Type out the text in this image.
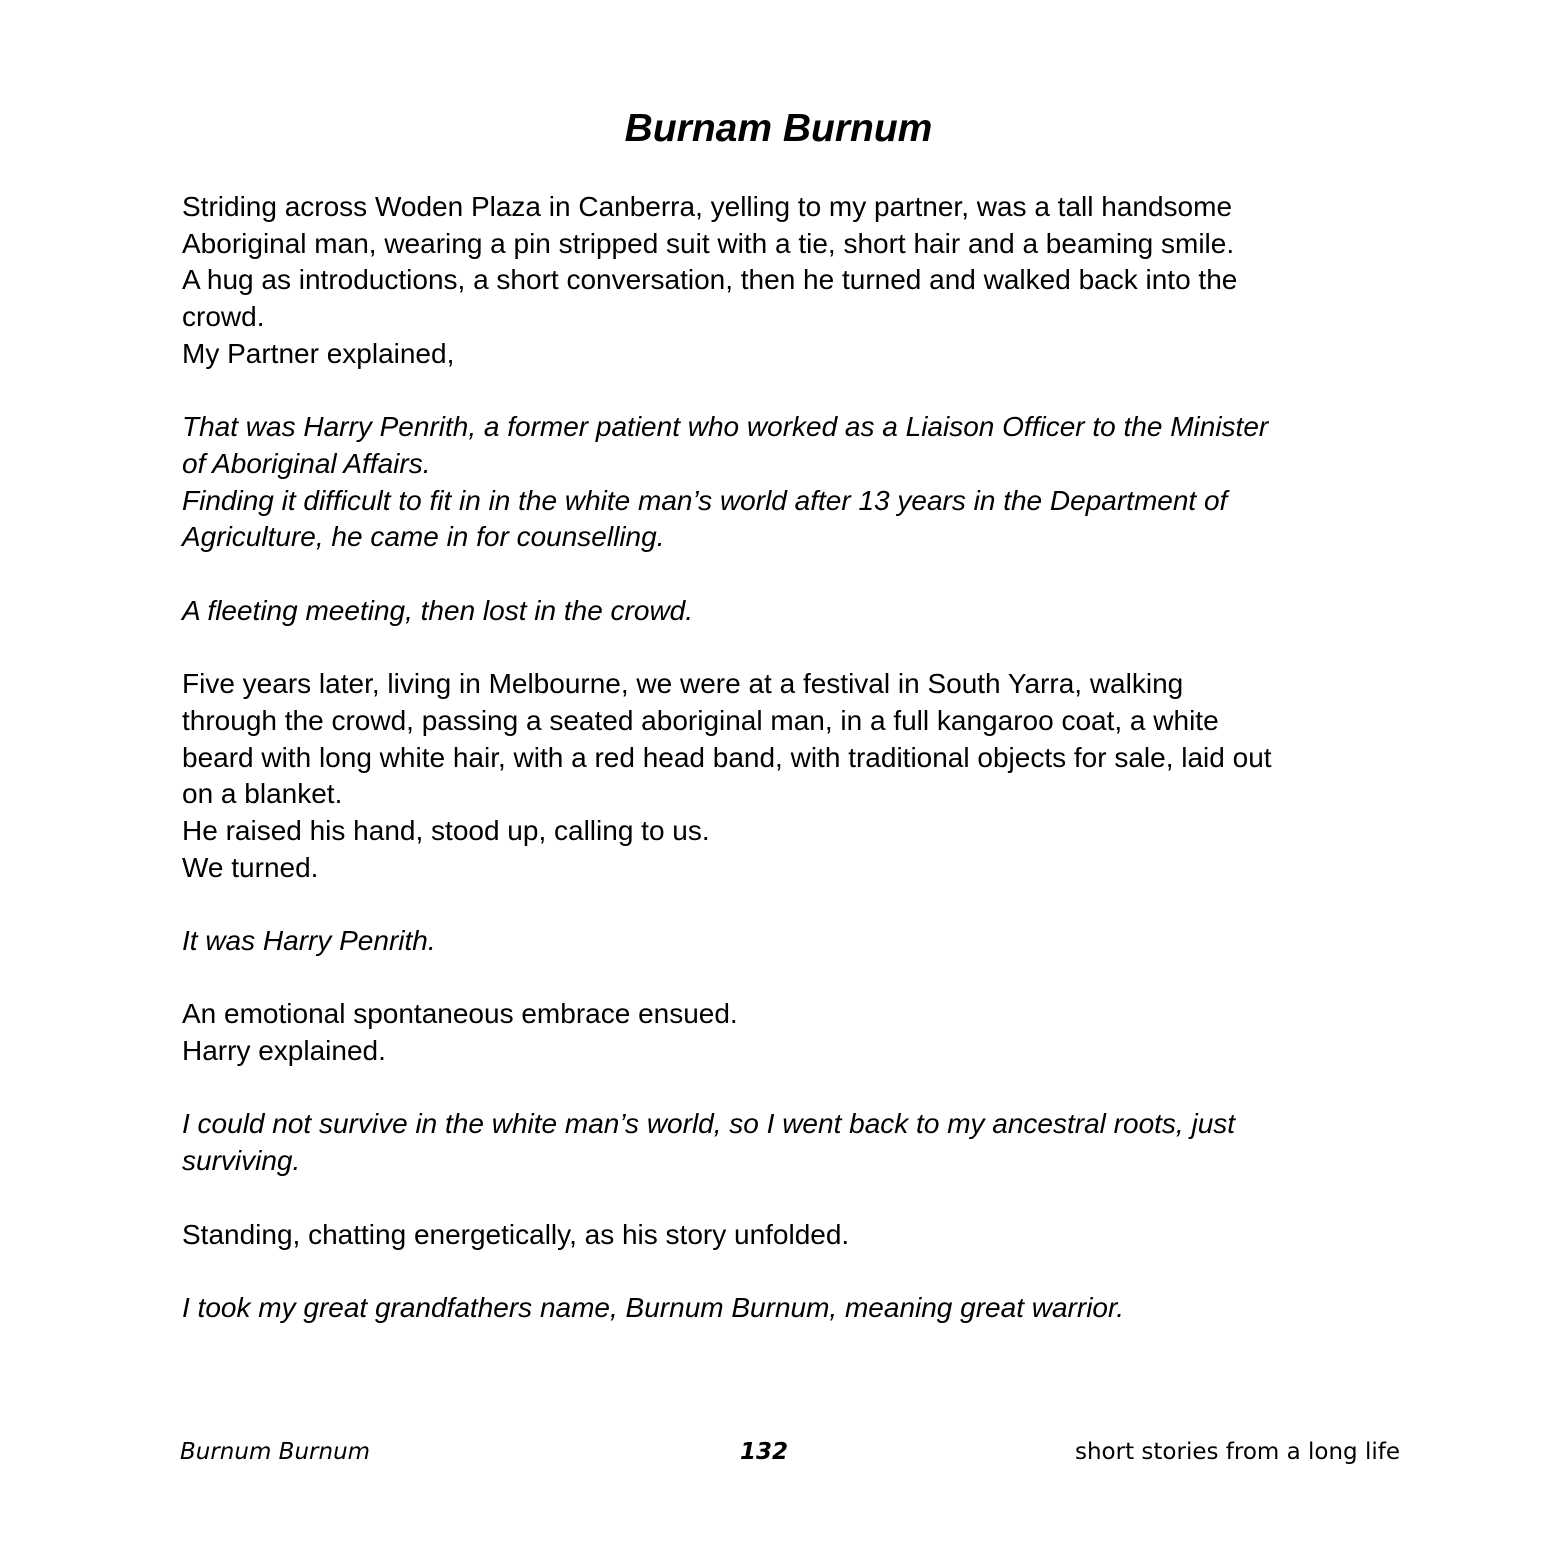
Burnam Burnum
Striding across Woden Plaza in Canberra, yelling to my partner, was a tall handsome
Aboriginal man, wearing a pin stripped suit with a tie, short hair and a beaming smile.
A hug as introductions, a short conversation, then he turned and walked back into the
crowd.
My Partner explained,
That was Harry Penrith, a former patient who worked as a Liaison Officer to the Minister
of Aboriginal Affairs.
Finding it difficult to fit in in the white man’s world after 13 years in the Department of
Agriculture, he came in for counselling.
A fleeting meeting, then lost in the crowd.
Five years later, living in Melbourne, we were at a festival in South Yarra, walking
through the crowd, passing a seated aboriginal man, in a full kangaroo coat, a white
beard with long white hair, with a red head band, with traditional objects for sale, laid out
on a blanket.
He raised his hand, stood up, calling to us.
We turned.
It was Harry Penrith.
An emotional spontaneous embrace ensued.
Harry explained.
I could not survive in the white man’s world, so I went back to my ancestral roots, just
surviving.
Standing, chatting energetically, as his story unfolded.
I took my great grandfathers name, Burnum Burnum, meaning great warrior.
Burnum Burnum	132	short stories from a long life
